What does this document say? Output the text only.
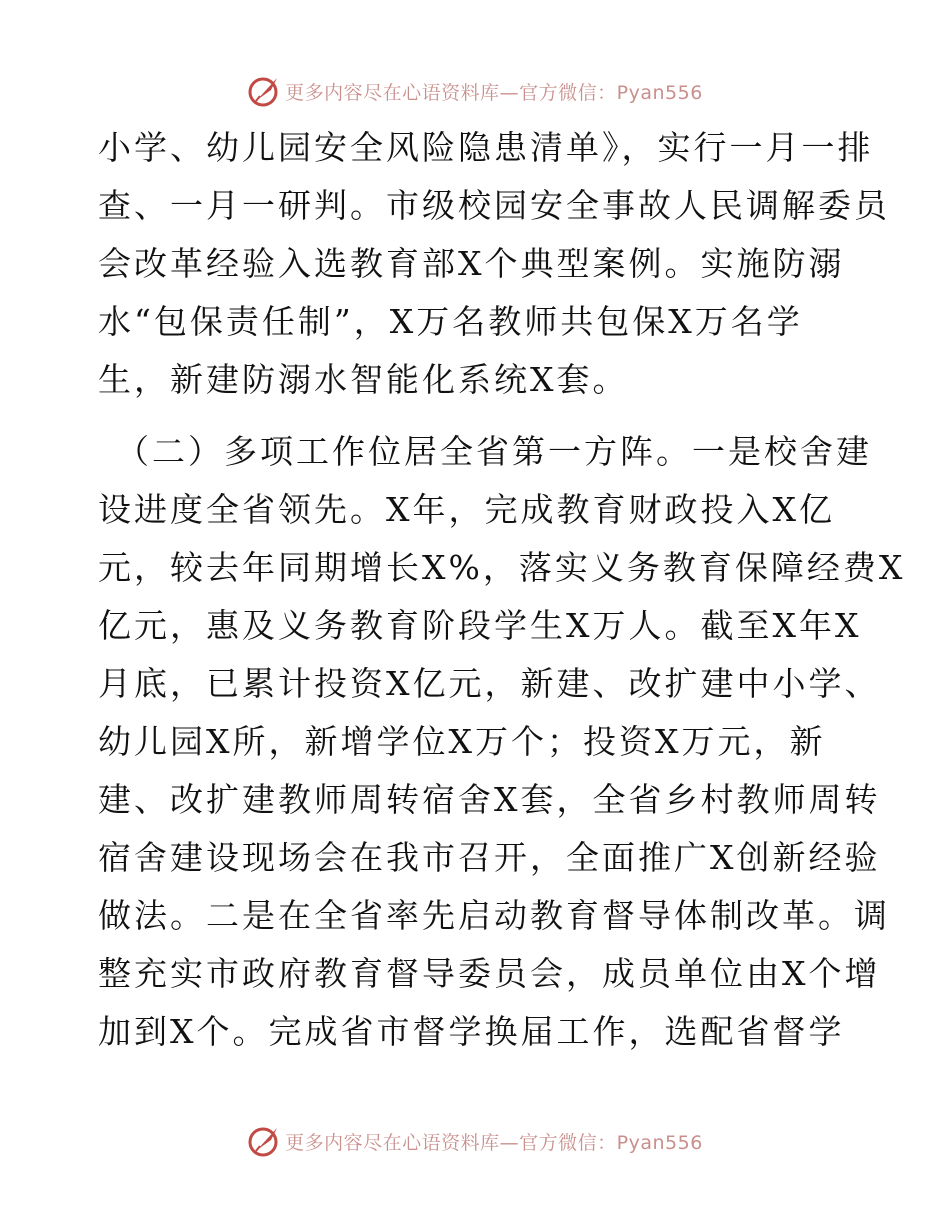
更多内容尽在心语资料库—官方微信：Pyan556
小学、幼儿园安全风险隐患清单》，实行一月一排
查、一月一研判。市级校园安全事故人民调解委员
会改革经验入选教育部X个典型案例。实施防溺
水“包保责任制”，X万名教师共包保X万名学
生，新建防溺水智能化系统X套。
（二）多项工作位居全省第一方阵。一是校舍建
设进度全省领先。X年，完成教育财政投入X亿
元，较去年同期增长X%，落实义务教育保障经费X
亿元，惠及义务教育阶段学生X万人。截至X年X
月底，已累计投资X亿元，新建、改扩建中小学、
幼儿园X所，新增学位X万个；投资X万元，新
建、改扩建教师周转宿舍X套，全省乡村教师周转
宿舍建设现场会在我市召开，全面推广X创新经验
做法。二是在全省率先启动教育督导体制改革。调
整充实市政府教育督导委员会，成员单位由X个增
加到X个。完成省市督学换届工作，选配省督学
更多内容尽在心语资料库—官方微信：Pyan556
